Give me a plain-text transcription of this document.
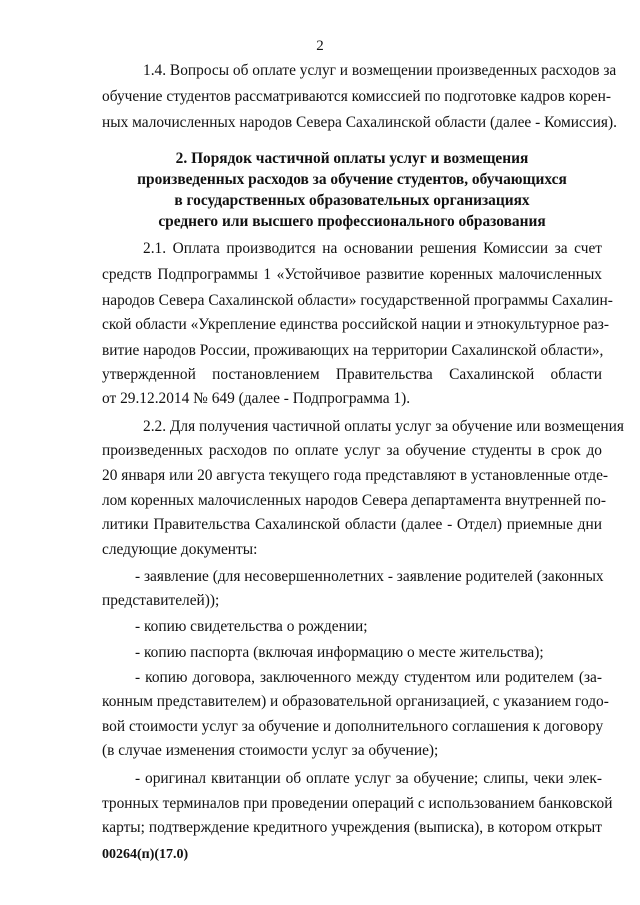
2
1.4. Вопросы об оплате услуг и возмещении произведенных расходов за
обучение студентов рассматриваются комиссией по подготовке кадров корен-
ных малочисленных народов Севера Сахалинской области (далее - Комиссия).
2. Порядок частичной оплаты услуг и возмещения
произведенных расходов за обучение студентов, обучающихся
в государственных образовательных организациях
среднего или высшего профессионального образования
2.1. Оплата производится на основании решения Комиссии за счет
средств Подпрограммы 1 «Устойчивое развитие коренных малочисленных
народов Севера Сахалинской области» государственной программы Сахалин-
ской области «Укрепление единства российской нации и этнокультурное раз-
витие народов России, проживающих на территории Сахалинской области»,
утвержденной постановлением Правительства Сахалинской области
от 29.12.2014 № 649 (далее - Подпрограмма 1).
2.2. Для получения частичной оплаты услуг за обучение или возмещения
произведенных расходов по оплате услуг за обучение студенты в срок до
20 января или 20 августа текущего года представляют в установленные отде-
лом коренных малочисленных народов Севера департамента внутренней по-
литики Правительства Сахалинской области (далее - Отдел) приемные дни
следующие документы:
- заявление (для несовершеннолетних - заявление родителей (законных
представителей));
- копию свидетельства о рождении;
- копию паспорта (включая информацию о месте жительства);
- копию договора, заключенного между студентом или родителем (за-
конным представителем) и образовательной организацией, с указанием годо-
вой стоимости услуг за обучение и дополнительного соглашения к договору
(в случае изменения стоимости услуг за обучение);
- оригинал квитанции об оплате услуг за обучение; слипы, чеки элек-
тронных терминалов при проведении операций с использованием банковской
карты; подтверждение кредитного учреждения (выписка), в котором открыт
00264(п)(17.0)
